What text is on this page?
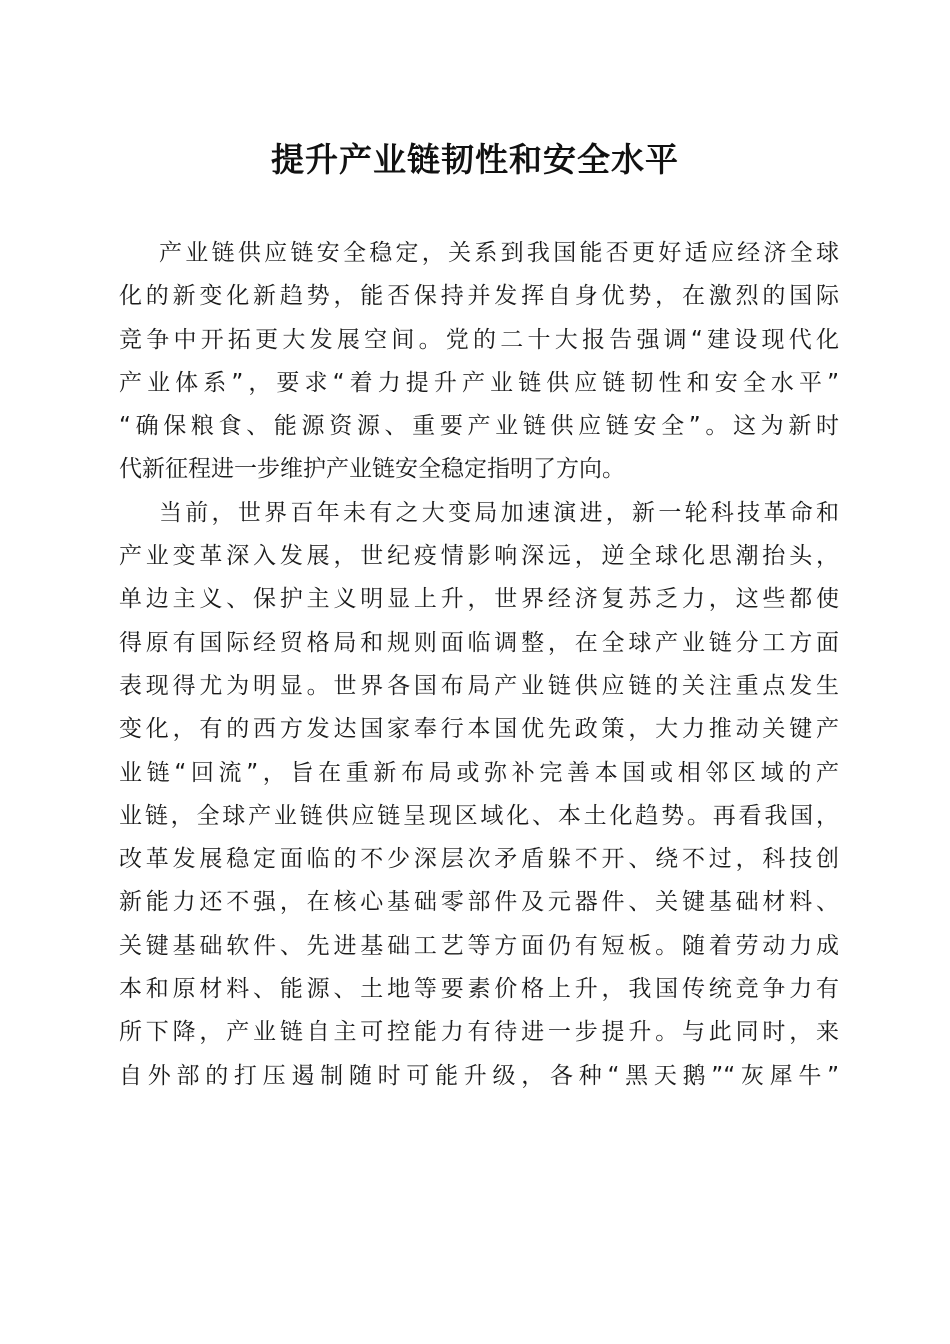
提升产业链韧性和安全水平
产业链供应链安全稳定，关系到我国能否更好适应经济全球
化的新变化新趋势，能否保持并发挥自身优势，在激烈的国际
竞争中开拓更大发展空间。党的二十大报告强调“建设现代化
产业体系”，要求“着力提升产业链供应链韧性和安全水平”
“确保粮食、能源资源、重要产业链供应链安全”。这为新时
代新征程进一步维护产业链安全稳定指明了方向。
当前，世界百年未有之大变局加速演进，新一轮科技革命和
产业变革深入发展，世纪疫情影响深远，逆全球化思潮抬头，
单边主义、保护主义明显上升，世界经济复苏乏力，这些都使
得原有国际经贸格局和规则面临调整，在全球产业链分工方面
表现得尤为明显。世界各国布局产业链供应链的关注重点发生
变化，有的西方发达国家奉行本国优先政策，大力推动关键产
业链“回流”，旨在重新布局或弥补完善本国或相邻区域的产
业链，全球产业链供应链呈现区域化、本土化趋势。再看我国，
改革发展稳定面临的不少深层次矛盾躲不开、绕不过，科技创
新能力还不强，在核心基础零部件及元器件、关键基础材料、
关键基础软件、先进基础工艺等方面仍有短板。随着劳动力成
本和原材料、能源、土地等要素价格上升，我国传统竞争力有
所下降，产业链自主可控能力有待进一步提升。与此同时，来
自外部的打压遏制随时可能升级，各种“黑天鹅”“灰犀牛”
